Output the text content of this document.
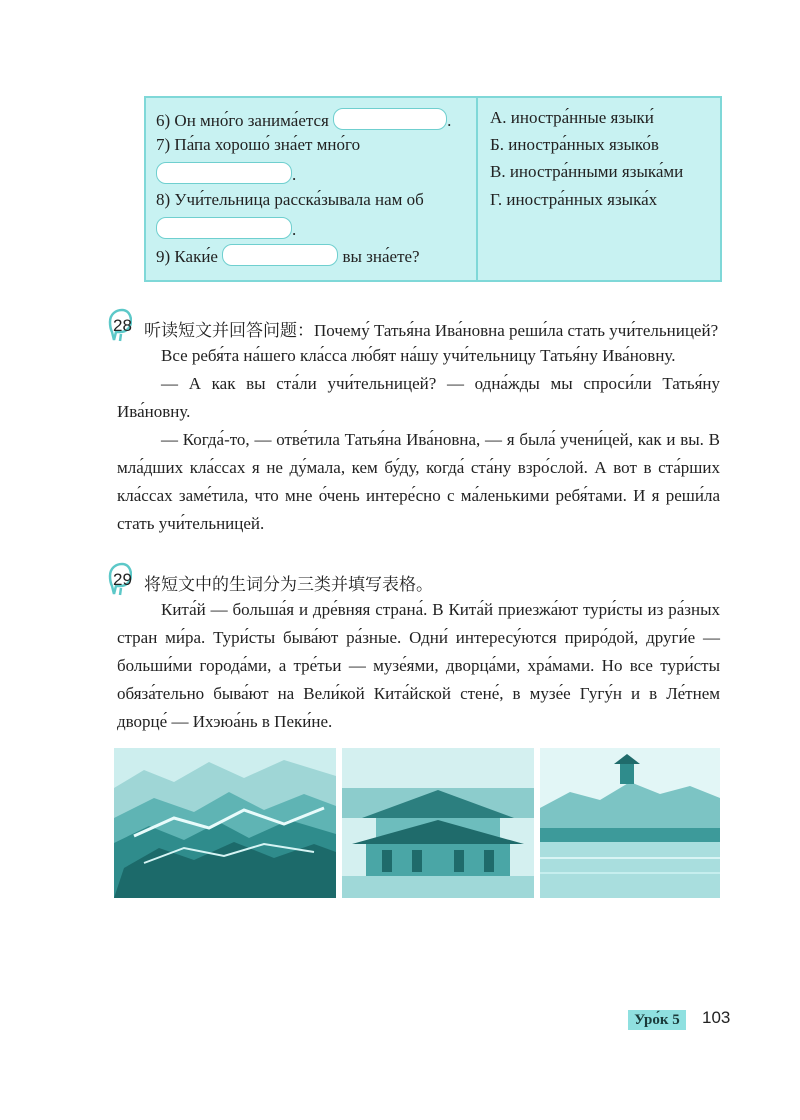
6) Он мно́го занима́ется	.
7) Па́па хорошо́ зна́ет мно́го
.
8) Учи́тельница расска́зывала нам об
.
9) Каки́е	вы зна́ете?
А. иностра́нные языки́
Б. иностра́нных языко́в
В. иностра́нными языка́ми
Г. иностра́нных языка́х
28 听读短文并回答问题：Почему́ Татья́на Ива́новна реши́ла стать учи́тельницей?

Все ребя́та на́шего кла́сса лю́бят на́шу учи́тельницу Татья́ну Ива́новну.

— А как вы ста́ли учи́тельницей? — одна́жды мы спроси́ли Татья́ну Ива́новну.

— Когда́-то, — отве́тила Татья́на Ива́новна, — я была́ учени́цей, как и вы. В мла́дших кла́ссах я не ду́мала, кем бу́ду, когда́ ста́ну взро́слой. А вот в ста́рших кла́ссах заме́тила, что мне о́чень интере́сно с ма́ленькими ребя́тами. И я реши́ла стать учи́тельницей.

29 将短文中的生词分为三类并填写表格。

Кита́й — больша́я и дре́вняя страна́. В Кита́й приезжа́ют тури́сты из ра́зных стран ми́ра. Тури́сты быва́ют ра́зные. Одни́ интересу́ются приро́дой, други́е — больши́ми города́ми, а тре́тьи — музе́ями, дворца́ми, хра́мами. Но все тури́сты обяза́тельно быва́ют на Вели́кой Кита́йской стене́, в музе́е Гугу́н и в Ле́тнем дворце́ — Ихэюа́нь в Пеки́не.

Уро́к 5	103
